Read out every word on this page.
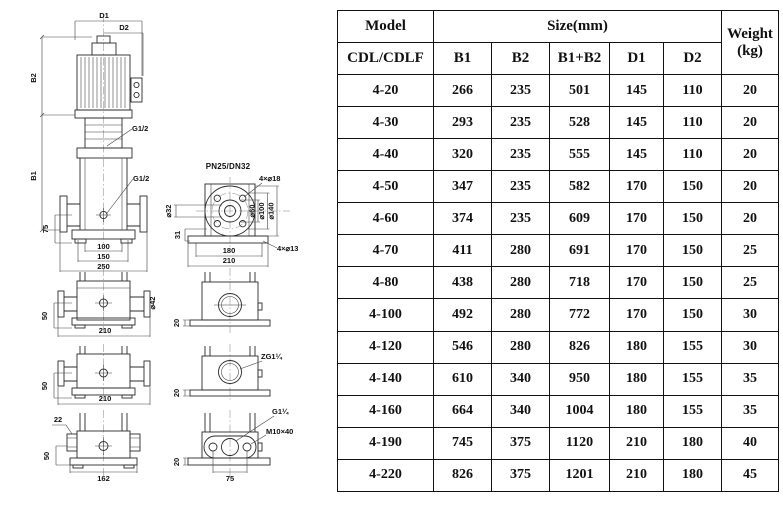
D1
D2
B2
B1
G1/2
G1/2
75
100
150
250
PN25/DN32
4×⌀18
⌀60 ⌀100 ⌀140
⌀32
31
4×⌀13
180
210
50
210
⌀42
50
210
22
50
162
20
ZG1¼
20
G1¼
M10×40
20
75
Model	Size(mm)					Weight
(kg)

CDL/CDLF	B1	B2	B1+B2	D1	D2	
4-20	266	235	501	145	110	20
4-30	293	235	528	145	110	20
4-40	320	235	555	145	110	20
4-50	347	235	582	170	150	20
4-60	374	235	609	170	150	20
4-70	411	280	691	170	150	25
4-80	438	280	718	170	150	25
4-100	492	280	772	170	150	30
4-120	546	280	826	180	155	30
4-140	610	340	950	180	155	35
4-160	664	340	1004	180	155	35
4-190	745	375	1120	210	180	40
4-220	826	375	1201	210	180	45
